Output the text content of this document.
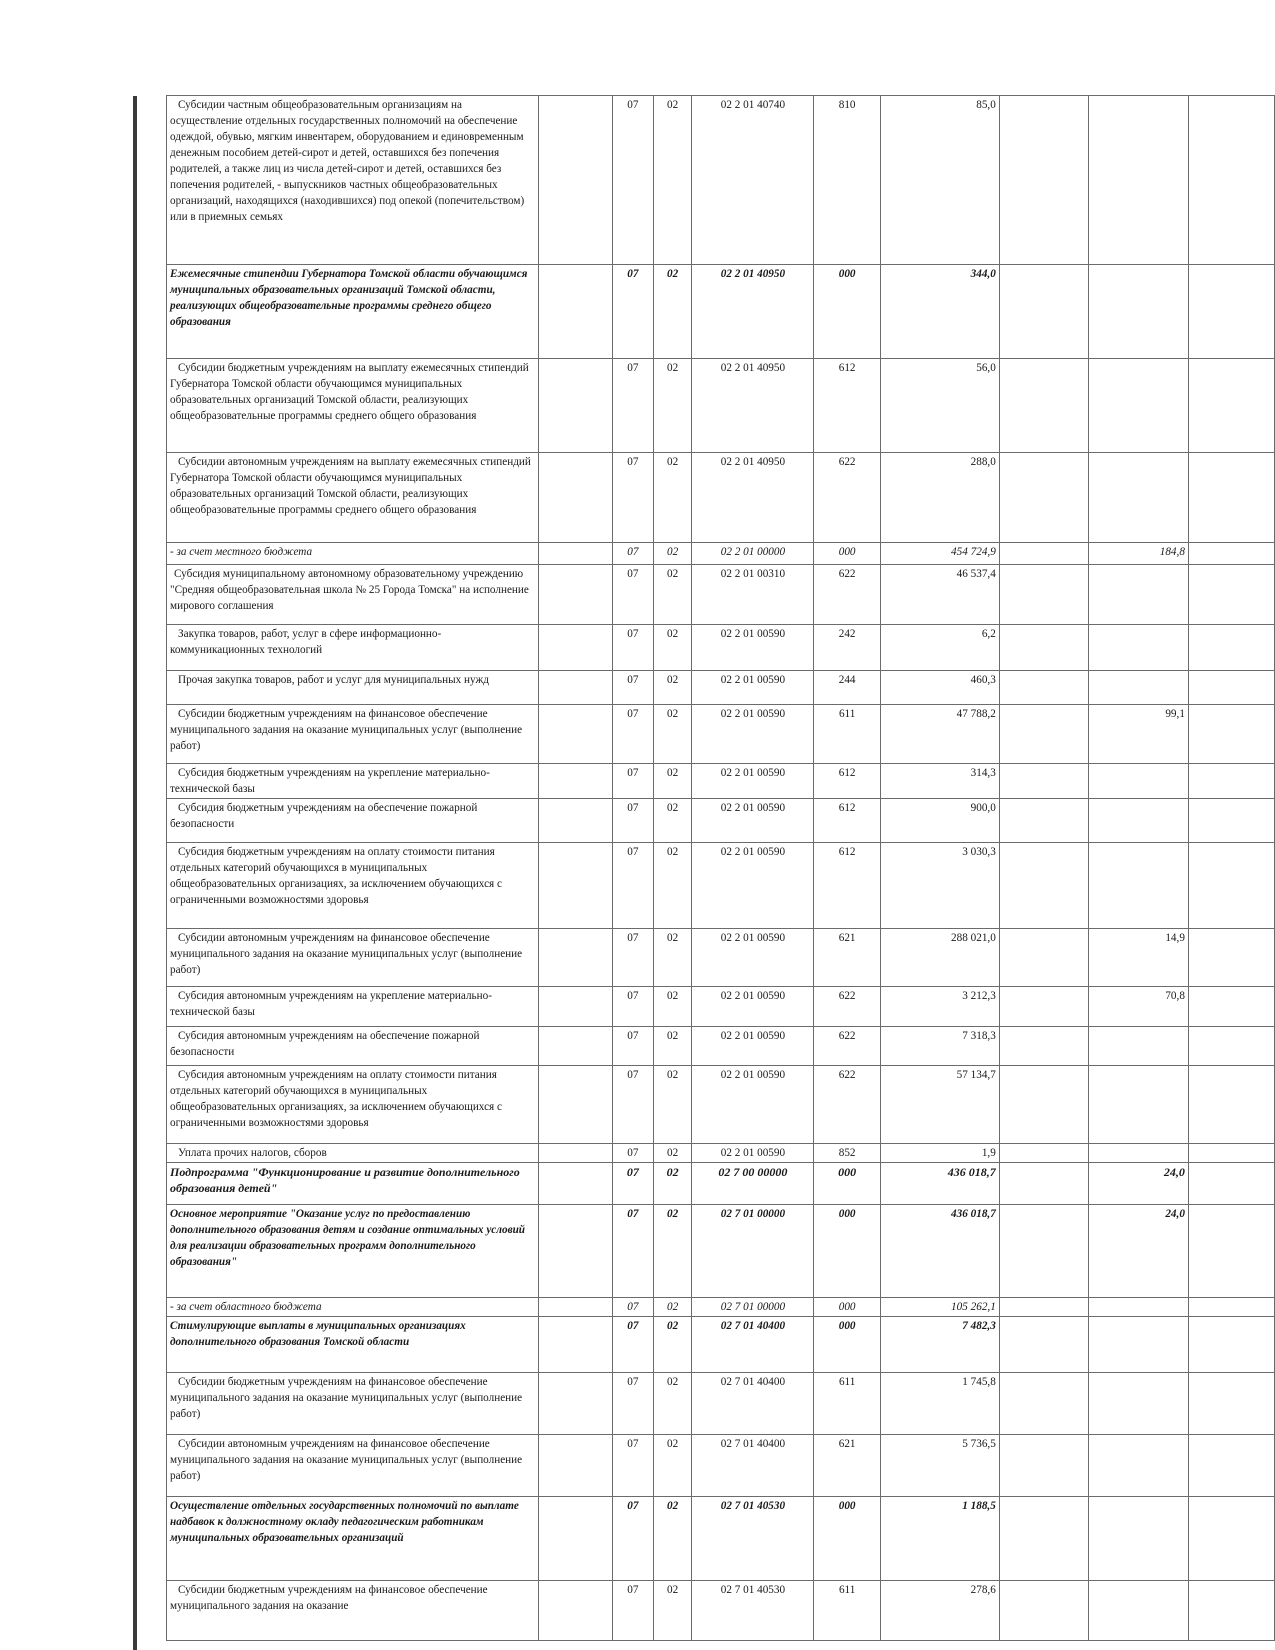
Субсидии частным общеобразовательным организациям на осуществление отдельных государственных полномочий на обеспечение одеждой, обувью, мягким инвентарем, оборудованием и единовременным денежным пособием детей-сирот и детей, оставшихся без попечения родителей, а также лиц из числа детей-сирот и детей, оставшихся без попечения родителей, - выпускников частных общеобразовательных организаций, находящихся (находившихся) под опекой (попечительством) или в приемных семьях		07	02	02 2 01 40740	810	85,0			
Ежемесячные стипендии Губернатора Томской области обучающимся муниципальных образовательных организаций Томской области, реализующих общеобразовательные программы среднего общего образования		07	02	02 2 01 40950	000	344,0			
Субсидии бюджетным учреждениям на выплату ежемесячных стипендий Губернатора Томской области обучающимся муниципальных образовательных организаций Томской области, реализующих общеобразовательные программы среднего общего образования		07	02	02 2 01 40950	612	56,0			
Субсидии автономным учреждениям на выплату ежемесячных стипендий Губернатора Томской области обучающимся муниципальных образовательных организаций Томской области, реализующих общеобразовательные программы среднего общего образования		07	02	02 2 01 40950	622	288,0			
- за счет местного бюджета		07	02	02 2 01 00000	000	454 724,9		184,8	
Субсидия муниципальному автономному образовательному учреждению "Средняя общеобразовательная школа № 25 Города Томска" на исполнение мирового соглашения		07	02	02 2 01 00310	622	46 537,4			
Закупка товаров, работ, услуг в сфере информационно-коммуникационных технологий		07	02	02 2 01 00590	242	6,2			
Прочая закупка товаров, работ и услуг для муниципальных нужд		07	02	02 2 01 00590	244	460,3			
Субсидии бюджетным учреждениям на финансовое обеспечение муниципального задания на оказание муниципальных услуг (выполнение работ)		07	02	02 2 01 00590	611	47 788,2		99,1	
Субсидия бюджетным учреждениям на укрепление материально-технической базы		07	02	02 2 01 00590	612	314,3			
Субсидия бюджетным учреждениям на обеспечение пожарной безопасности		07	02	02 2 01 00590	612	900,0			
Субсидия бюджетным учреждениям на оплату стоимости питания отдельных категорий обучающихся в муниципальных общеобразовательных организациях, за исключением обучающихся с ограниченными возможностями здоровья		07	02	02 2 01 00590	612	3 030,3			
Субсидии автономным учреждениям на финансовое обеспечение муниципального задания на оказание муниципальных услуг (выполнение работ)		07	02	02 2 01 00590	621	288 021,0		14,9	
Субсидия автономным учреждениям на укрепление материально-технической базы		07	02	02 2 01 00590	622	3 212,3		70,8	
Субсидия автономным учреждениям на обеспечение пожарной безопасности		07	02	02 2 01 00590	622	7 318,3			
Субсидия автономным учреждениям на оплату стоимости питания отдельных категорий обучающихся в муниципальных общеобразовательных организациях, за исключением обучающихся с ограниченными возможностями здоровья		07	02	02 2 01 00590	622	57 134,7			
Уплата прочих налогов, сборов		07	02	02 2 01 00590	852	1,9			
Подпрограмма "Функционирование и развитие дополнительного образования детей"		07	02	02 7 00 00000	000	436 018,7		24,0	
Основное мероприятие "Оказание услуг по предоставлению дополнительного образования детям и создание оптимальных условий для реализации образовательных программ дополнительного образования"		07	02	02 7 01 00000	000	436 018,7		24,0	
- за счет областного бюджета		07	02	02 7 01 00000	000	105 262,1			
Стимулирующие выплаты в муниципальных организациях дополнительного образования Томской области		07	02	02 7 01 40400	000	7 482,3			
Субсидии бюджетным учреждениям на финансовое обеспечение муниципального задания на оказание муниципальных услуг (выполнение работ)		07	02	02 7 01 40400	611	1 745,8			
Субсидии автономным учреждениям на финансовое обеспечение муниципального задания на оказание муниципальных услуг (выполнение работ)		07	02	02 7 01 40400	621	5 736,5			
Осуществление отдельных государственных полномочий по выплате надбавок к должностному окладу педагогическим работникам муниципальных образовательных организаций		07	02	02 7 01 40530	000	1 188,5			
Субсидии бюджетным учреждениям на финансовое обеспечение муниципального задания на оказание		07	02	02 7 01 40530	611	278,6			
